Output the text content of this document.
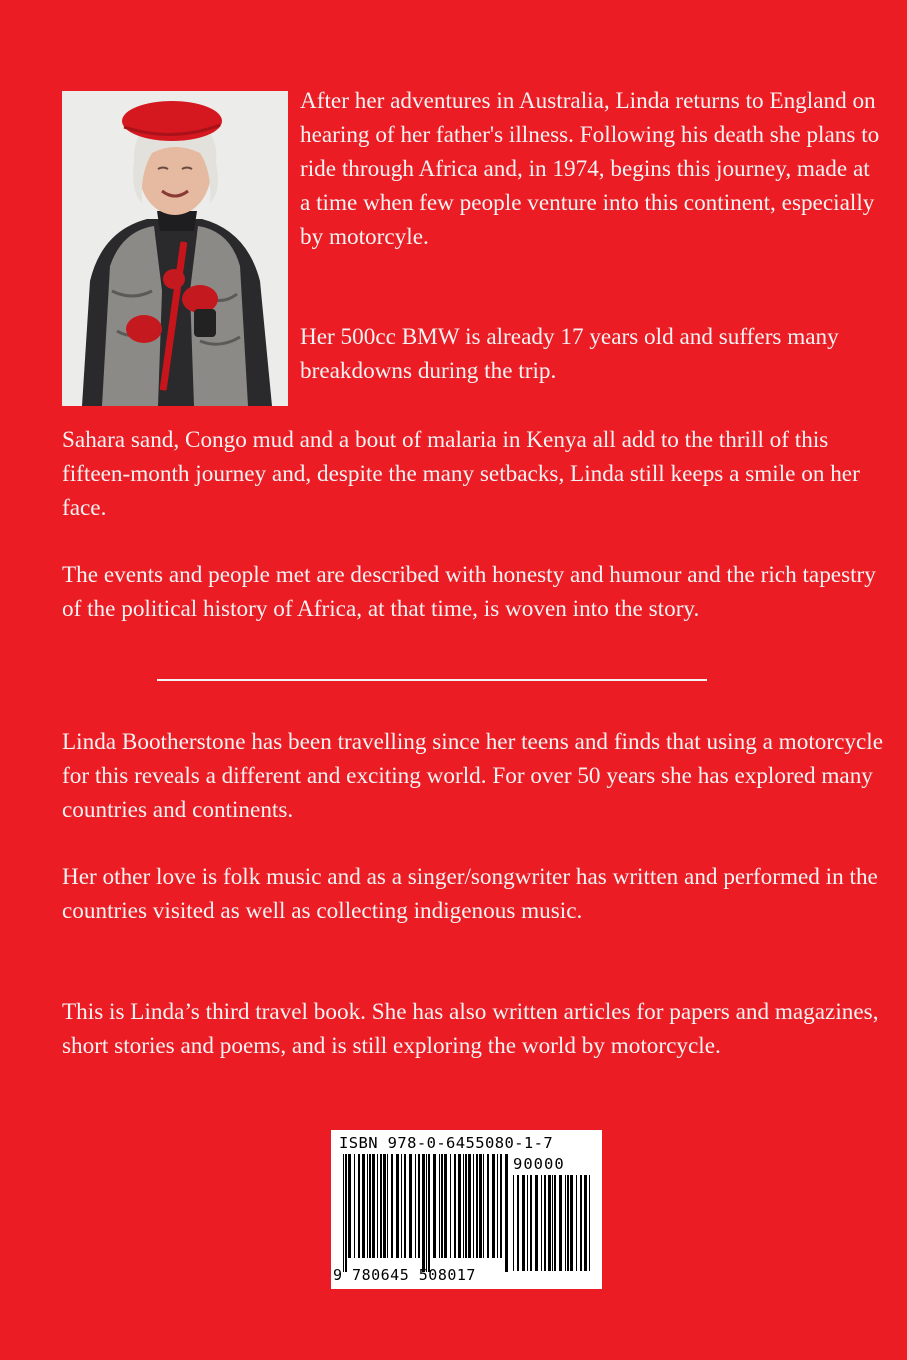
After her adventures in Australia, Linda returns to England on hearing of her father's illness. Following his death she plans to ride through Africa and, in 1974, begins this journey, made at a time when few people venture into this continent, especially by motorcyle.

Her 500cc BMW is already 17 years old and suffers many breakdowns during the trip.

Sahara sand, Congo mud and a bout of malaria in Kenya all add to the thrill of this fifteen-month journey and, despite the many setbacks, Linda still keeps a smile on her face.

The events and people met are described with honesty and humour and the rich tapestry of the political history of Africa, at that time, is woven into the story.

Linda Bootherstone has been travelling since her teens and finds that using a motorcycle for this reveals a different and exciting world. For over 50 years she has explored many countries and continents.

Her other love is folk music and as a singer/songwriter has written and performed in the countries visited as well as collecting indigenous music.

This is Linda’s third travel book. She has also written articles for papers and magazines, short stories and poems, and is still exploring the world by motorcycle.

ISBN 978-0-6455080-1-7
90000
9 780645 508017
